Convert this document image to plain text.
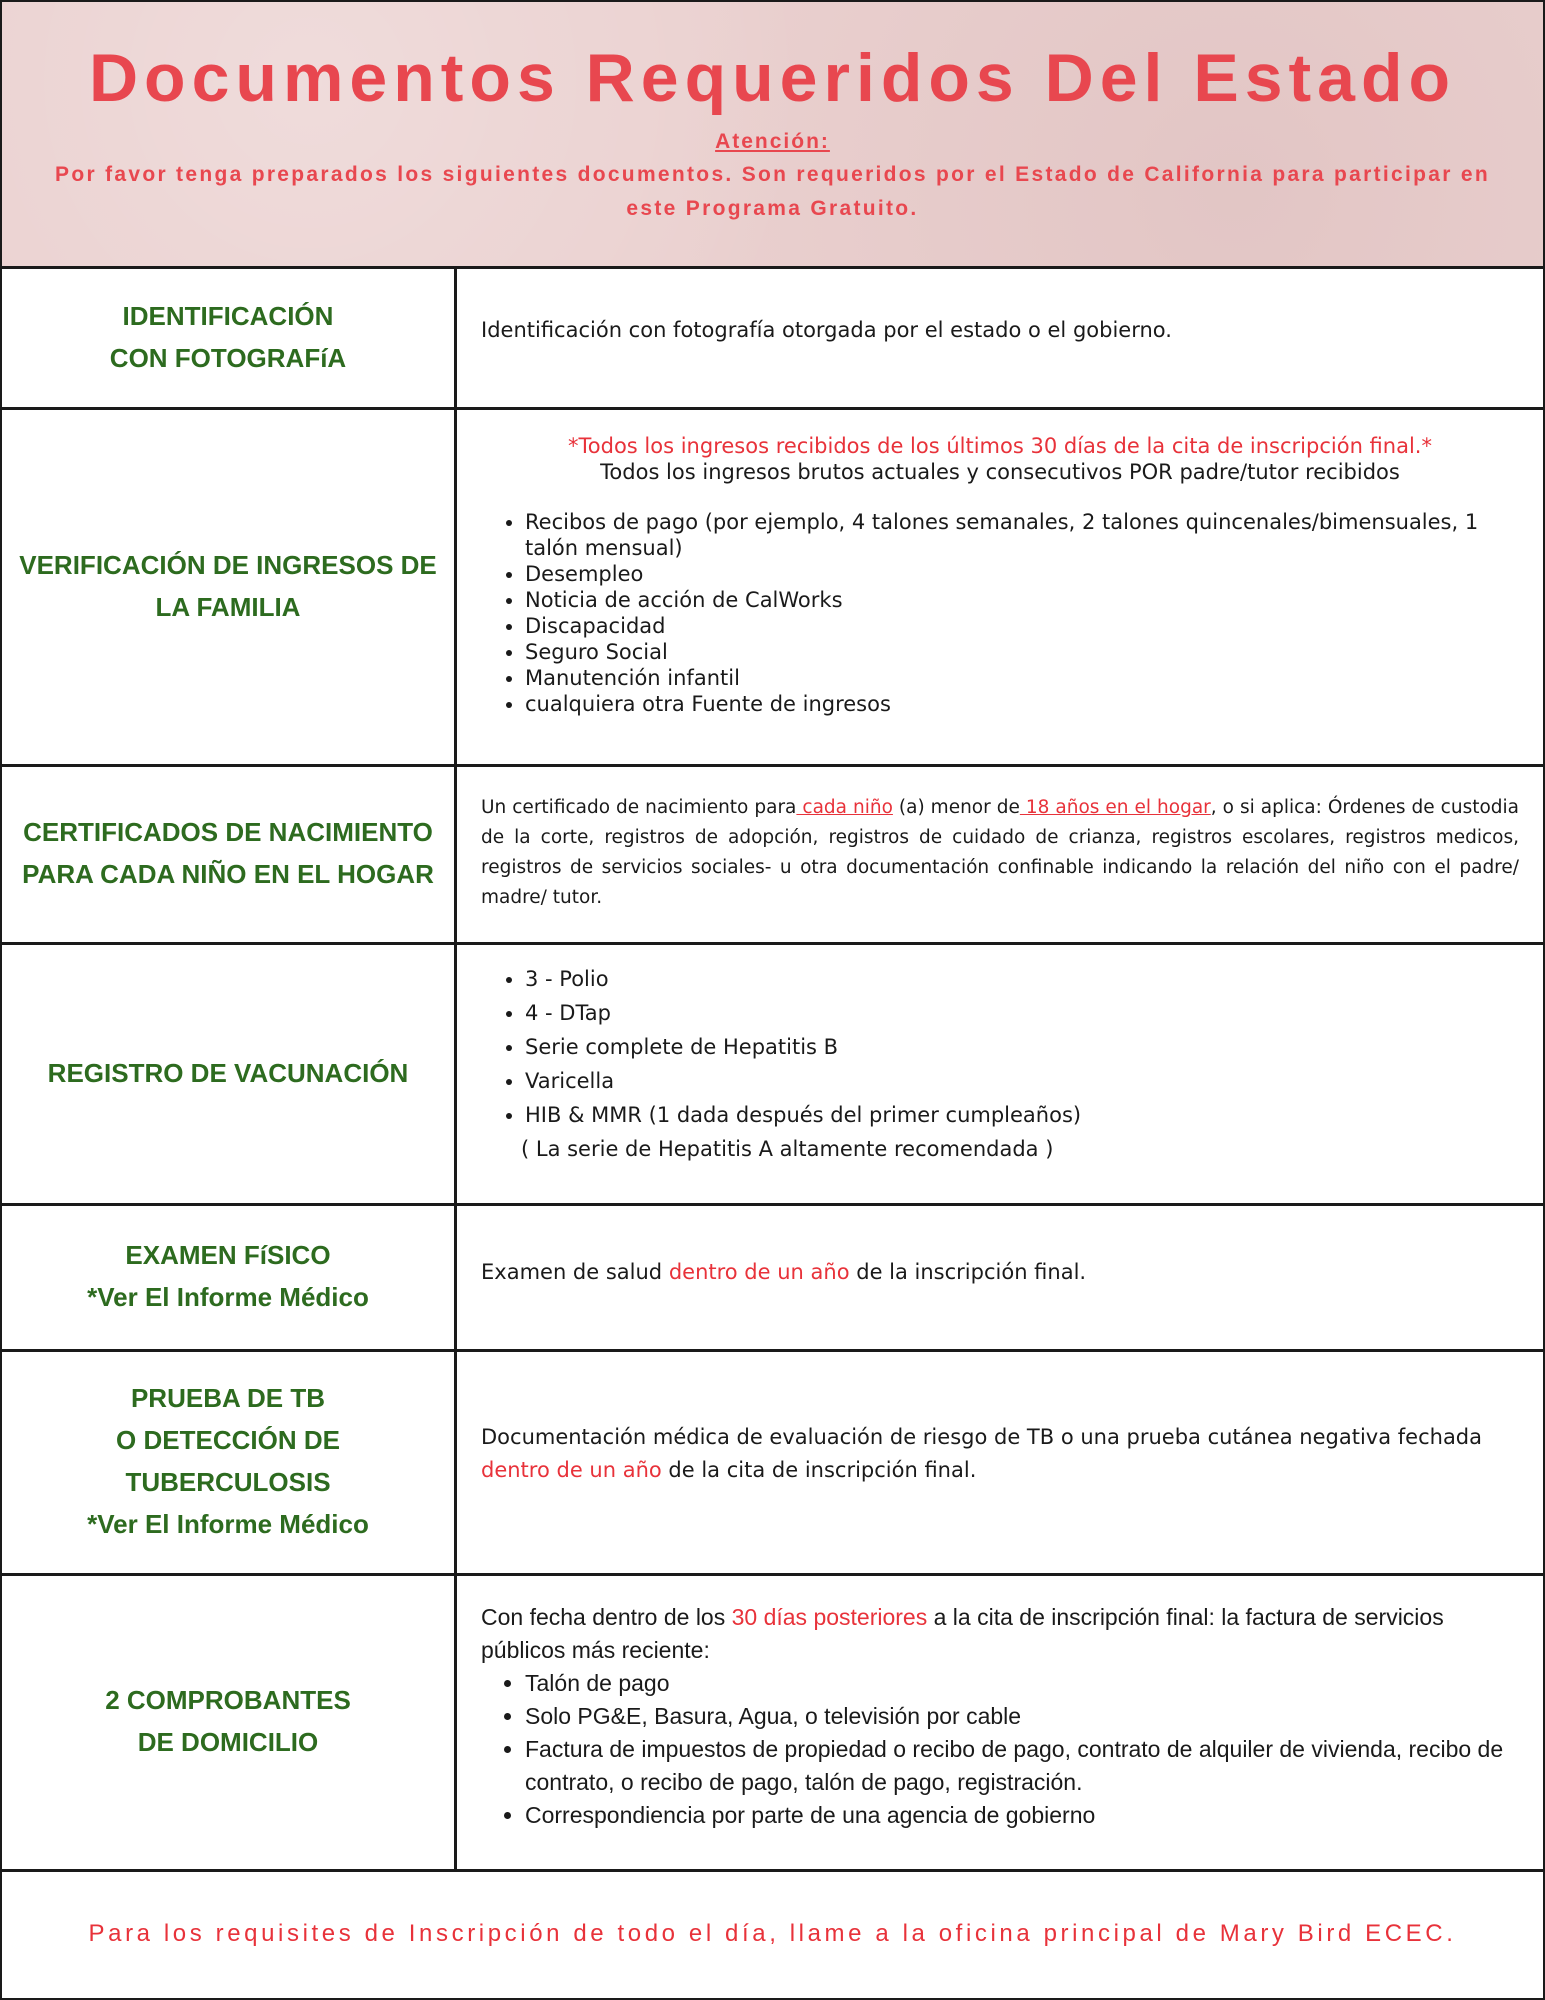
Documentos Requeridos Del Estado
Atención:
Por favor tenga preparados los siguientes documentos. Son requeridos por el Estado de California para participar en este Programa Gratuito.
IDENTIFICACIÓN
CON FOTOGRAFíA
Identificación con fotografía otorgada por el estado o el gobierno.
VERIFICACIÓN DE INGRESOS DE
LA FAMILIA
*Todos los ingresos recibidos de los últimos 30 días de la cita de inscripción final.*
Todos los ingresos brutos actuales y consecutivos POR padre/tutor recibidos
• Recibos de pago (por ejemplo, 4 talones semanales, 2 talones quincenales/bimensuales, 1 talón mensual)
• Desempleo
• Noticia de acción de CalWorks
• Discapacidad
• Seguro Social
• Manutención infantil
• cualquiera otra Fuente de ingresos
CERTIFICADOS DE NACIMIENTO
PARA CADA NIÑO EN EL HOGAR
Un certificado de nacimiento para cada niño (a) menor de 18 años en el hogar, o si aplica: Órdenes de custodia de la corte, registros de adopción, registros de cuidado de crianza, registros escolares, registros medicos, registros de servicios sociales- u otra documentación confinable indicando la relación del niño con el padre/ madre/ tutor.
REGISTRO DE VACUNACIÓN
• 3 - Polio
• 4 - DTap
• Serie complete de Hepatitis B
• Varicella
• HIB & MMR (1 dada después del primer cumpleaños)
( La serie de Hepatitis A altamente recomendada )
EXAMEN FíSICO
*Ver El Informe Médico
Examen de salud dentro de un año de la inscripción final.
PRUEBA DE TB
O DETECCIÓN DE
TUBERCULOSIS
*Ver El Informe Médico
Documentación médica de evaluación de riesgo de TB o una prueba cutánea negativa fechada dentro de un año de la cita de inscripción final.
2 COMPROBANTES
DE DOMICILIO
Con fecha dentro de los 30 días posteriores a la cita de inscripción final: la factura de servicios públicos más reciente:
• Talón de pago
• Solo PG&E, Basura, Agua, o televisión por cable
• Factura de impuestos de propiedad o recibo de pago, contrato de alquiler de vivienda, recibo de contrato, o recibo de pago, talón de pago, registración.
• Correspondiencia por parte de una agencia de gobierno
Para los requisites de Inscripción de todo el día, llame a la oficina principal de Mary Bird ECEC.
